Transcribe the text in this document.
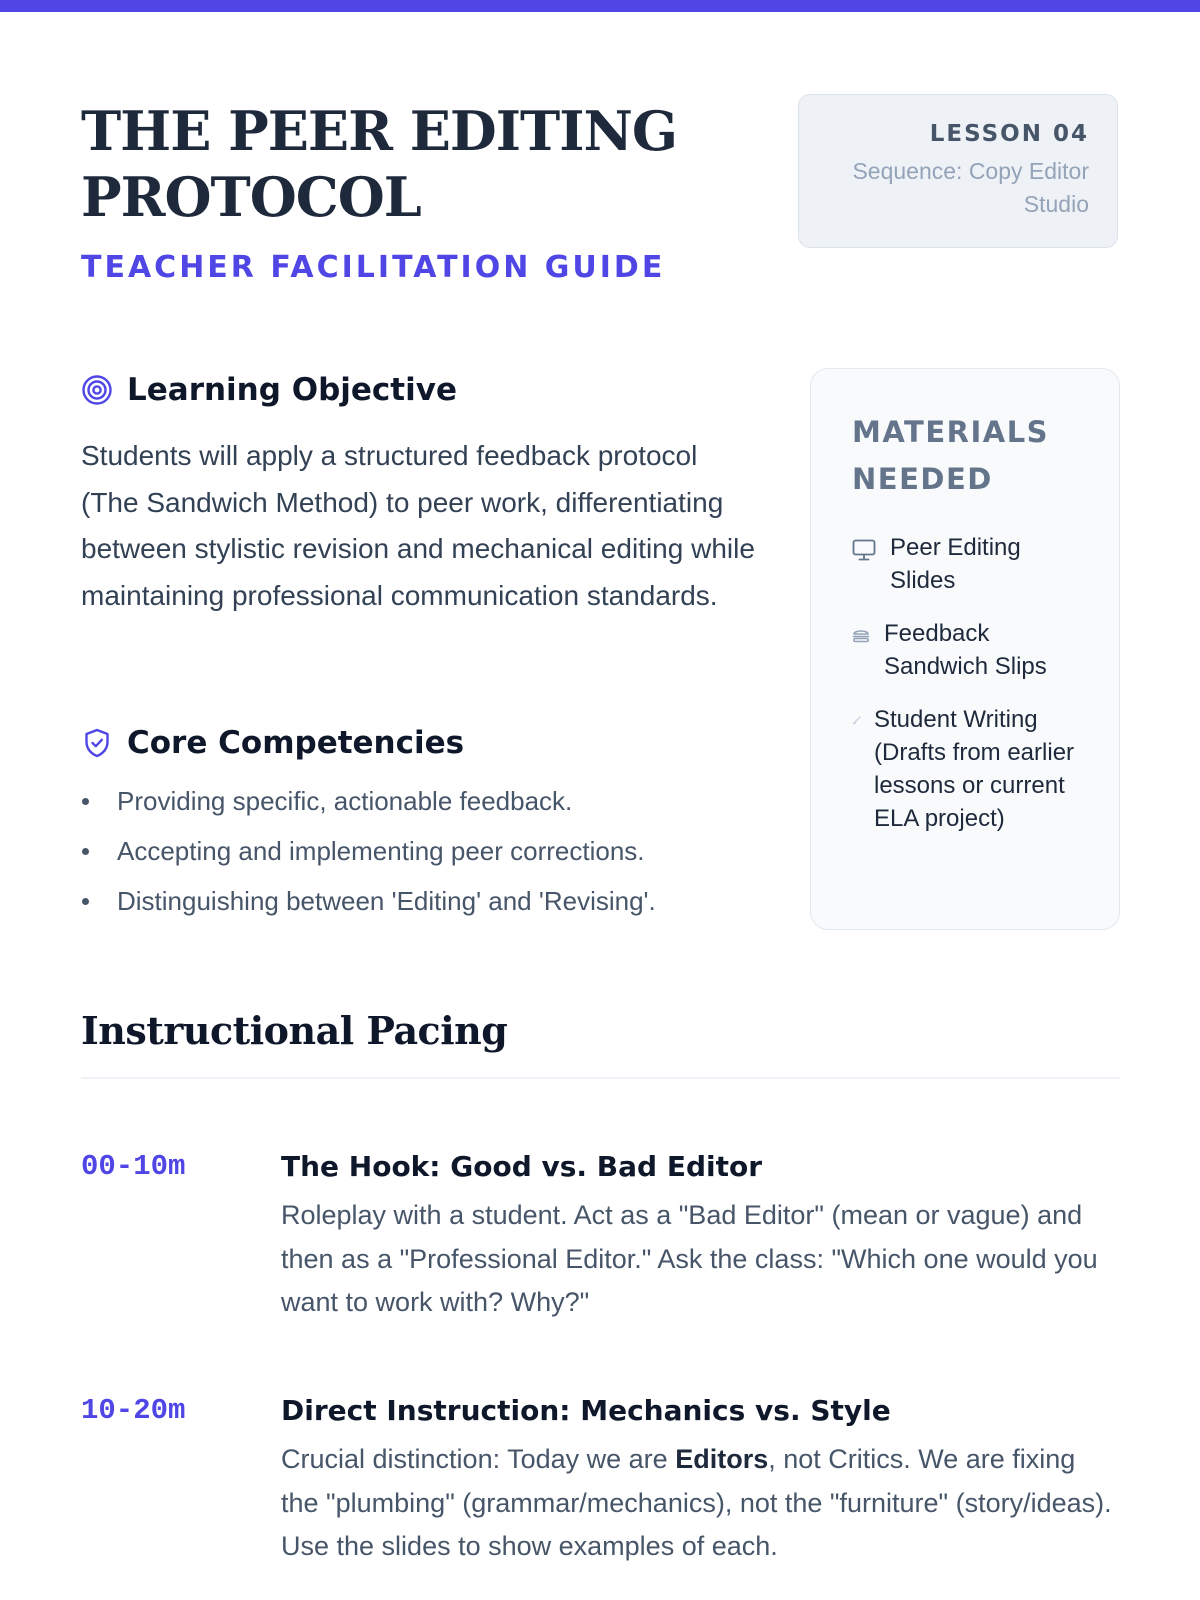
THE PEER EDITING
PROTOCOL
TEACHER FACILITATION GUIDE
LESSON 04
Sequence: Copy Editor Studio
Learning Objective

Students will apply a structured feedback protocol (The Sandwich Method) to peer work, differentiating between stylistic revision and mechanical editing while maintaining professional communication standards.

Core Competencies
Providing specific, actionable feedback.
Accepting and implementing peer corrections.
Distinguishing between 'Editing' and 'Revising'.
MATERIALS NEEDED
Peer Editing Slides
Feedback Sandwich Slips
Student Writing (Drafts from earlier lessons or current ELA project)
Instructional Pacing
00-10m	The Hook: Good vs. Bad Editor
Roleplay with a student. Act as a "Bad Editor" (mean or vague) and then as a "Professional Editor." Ask the class: "Which one would you want to work with? Why?"
10-20m	Direct Instruction: Mechanics vs. Style
Crucial distinction: Today we are Editors, not Critics. We are fixing the "plumbing" (grammar/mechanics), not the "furniture" (story/ideas). Use the slides to show examples of each.
